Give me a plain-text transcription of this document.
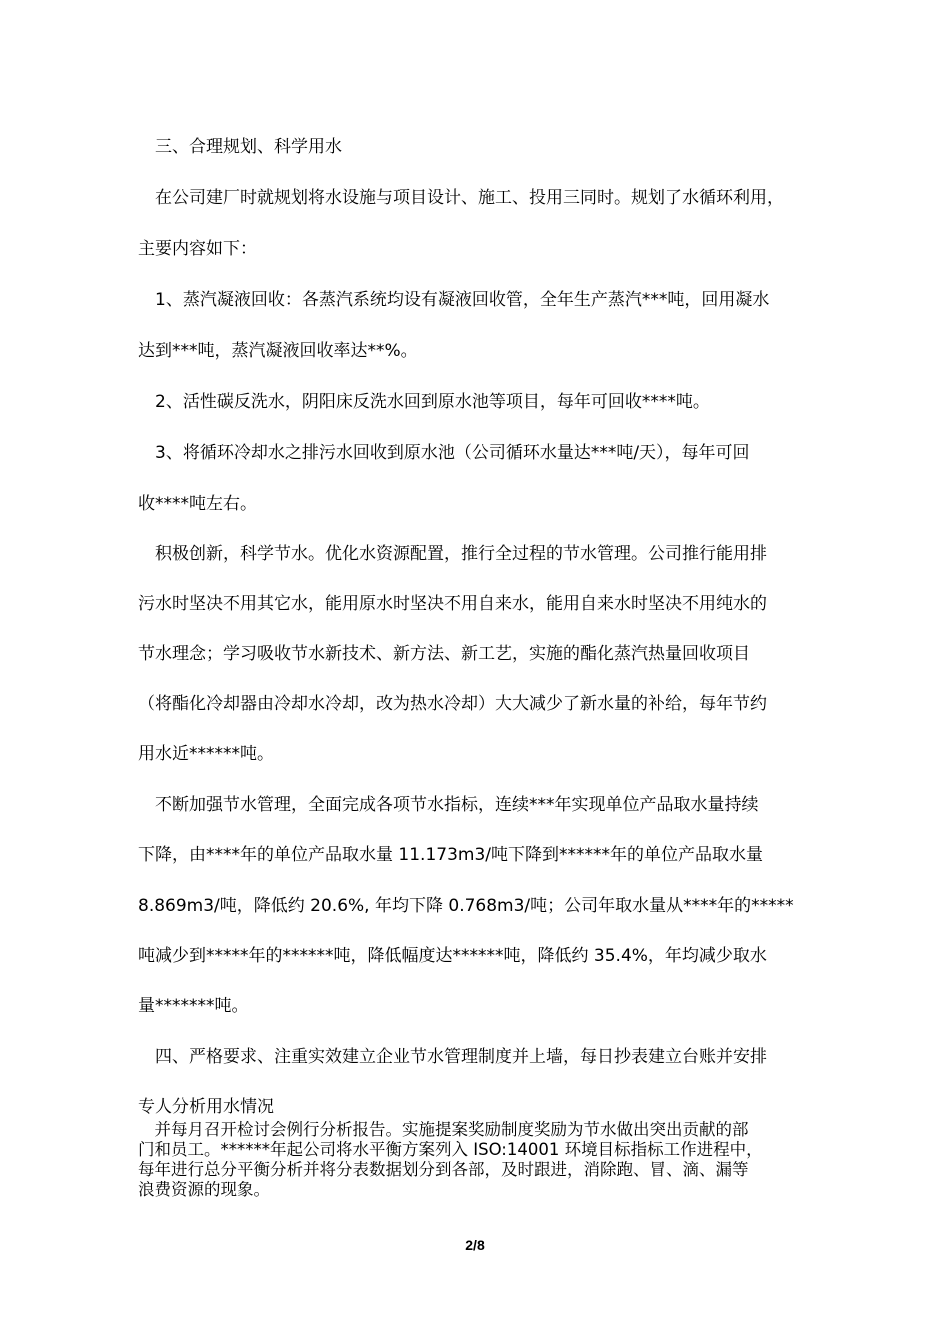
　三、合理规划、科学用水
　在公司建厂时就规划将水设施与项目设计、施工、投用三同时。规划了水循环利用，
主要内容如下：
　1、蒸汽凝液回收：各蒸汽系统均设有凝液回收管，全年生产蒸汽***吨，回用凝水
达到***吨，蒸汽凝液回收率达**%。
　2、活性碳反洗水，阴阳床反洗水回到原水池等项目，每年可回收****吨。
　3、将循环冷却水之排污水回收到原水池（公司循环水量达***吨/天），每年可回
收****吨左右。
　积极创新，科学节水。优化水资源配置，推行全过程的节水管理。公司推行能用排
污水时坚决不用其它水，能用原水时坚决不用自来水，能用自来水时坚决不用纯水的
节水理念；学习吸收节水新技术、新方法、新工艺，实施的酯化蒸汽热量回收项目
（将酯化冷却器由冷却水冷却，改为热水冷却）大大减少了新水量的补给，每年节约
用水近******吨。
　不断加强节水管理，全面完成各项节水指标，连续***年实现单位产品取水量持续
下降，由****年的单位产品取水量 11.173m3/吨下降到******年的单位产品取水量
8.869m3/吨，降低约 20.6%, 年均下降 0.768m3/吨；公司年取水量从****年的*****
吨减少到*****年的******吨，降低幅度达******吨，降低约 35.4%，年均减少取水
量*******吨。
　四、严格要求、注重实效建立企业节水管理制度并上墙，每日抄表建立台账并安排
专人分析用水情况
　并每月召开检讨会例行分析报告。实施提案奖励制度奖励为节水做出突出贡献的部
门和员工。******年起公司将水平衡方案列入 ISO:14001 环境目标指标工作进程中，
每年进行总分平衡分析并将分表数据划分到各部，及时跟进，消除跑、冒、滴、漏等
浪费资源的现象。
2/8
